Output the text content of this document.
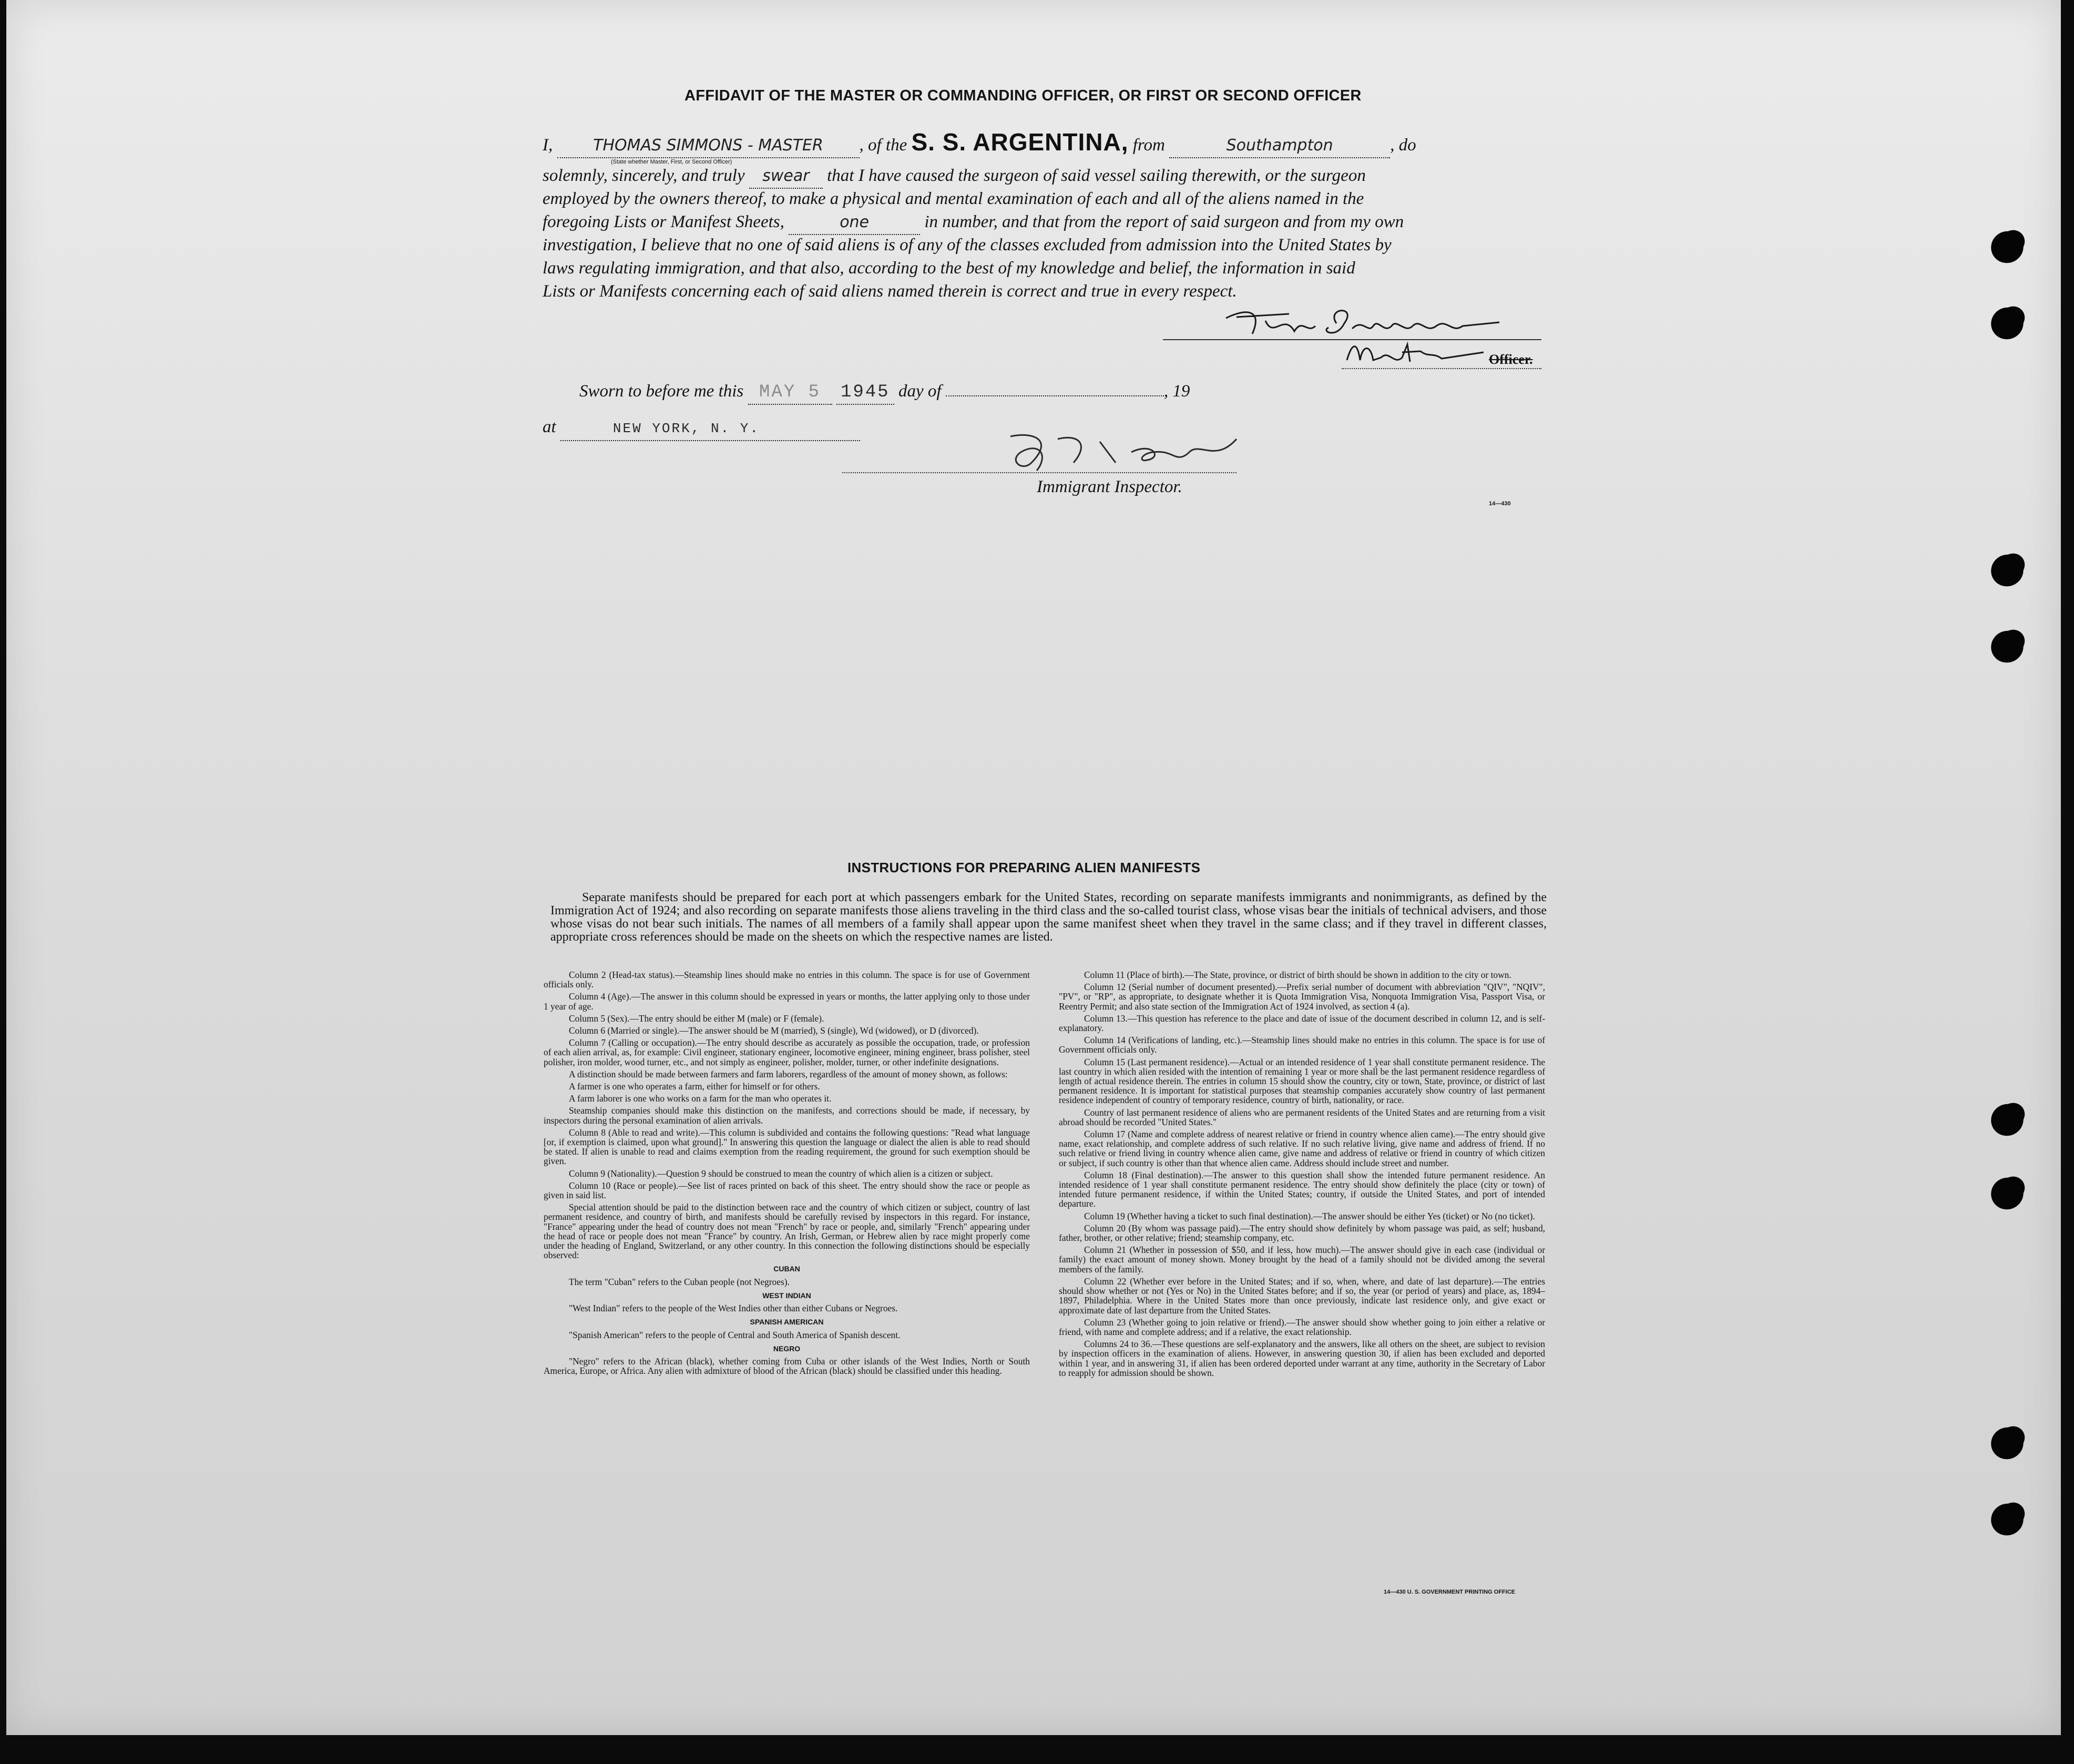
AFFIDAVIT OF THE MASTER OR COMMANDING OFFICER, OR FIRST OR SECOND OFFICER
I,	THOMAS SIMMONS - MASTER , of the S. S. ARGENTINA, from	Southampton	, do
(State whether Master, First, or Second Officer)
solemnly, sincerely, and truly swear that I have caused the surgeon of said vessel sailing therewith, or the surgeon
employed by the owners thereof, to make a physical and mental examination of each and all of the aliens named in the
foregoing Lists or Manifest Sheets,	one	in number, and that from the report of said surgeon and from my own
investigation, I believe that no one of said aliens is of any of the classes excluded from admission into the United States by
laws regulating immigration, and that also, according to the best of my knowledge and belief, the information in said
Lists or Manifests concerning each of said aliens named therein is correct and true in every respect.
Officer.
Sworn to before me this MAY 5 1945 day of	, 19
at	NEW YORK, N. Y.
Immigrant Inspector.
14—430
INSTRUCTIONS FOR PREPARING ALIEN MANIFESTS

Separate manifests should be prepared for each port at which passengers embark for the United States, recording on separate manifests immigrants and nonimmigrants, as defined by the Immigration Act of 1924; and also recording on separate manifests those aliens traveling in the third class and the so-called tourist class, whose visas bear the initials of technical advisers, and those whose visas do not bear such initials. The names of all members of a family shall appear upon the same manifest sheet when they travel in the same class; and if they travel in different classes, appropriate cross references should be made on the sheets on which the respective names are listed.

Column 2 (Head-tax status).—Steamship lines should make no entries in this column. The space is for use of Government officials only.

Column 4 (Age).—The answer in this column should be expressed in years or months, the latter applying only to those under 1 year of age.

Column 5 (Sex).—The entry should be either M (male) or F (female).

Column 6 (Married or single).—The answer should be M (married), S (single), Wd (widowed), or D (divorced).

Column 7 (Calling or occupation).—The entry should describe as accurately as possible the occupation, trade, or profession of each alien arrival, as, for example: Civil engineer, stationary engineer, locomotive engineer, mining engineer, brass polisher, steel polisher, iron molder, wood turner, etc., and not simply as engineer, polisher, molder, turner, or other indefinite designations.

A distinction should be made between farmers and farm laborers, regardless of the amount of money shown, as follows:

A farmer is one who operates a farm, either for himself or for others.

A farm laborer is one who works on a farm for the man who operates it.

Steamship companies should make this distinction on the manifests, and corrections should be made, if necessary, by inspectors during the personal examination of alien arrivals.

Column 8 (Able to read and write).—This column is subdivided and contains the following questions: "Read what language [or, if exemption is claimed, upon what ground]." In answering this question the language or dialect the alien is able to read should be stated. If alien is unable to read and claims exemption from the reading requirement, the ground for such exemption should be given.

Column 9 (Nationality).—Question 9 should be construed to mean the country of which alien is a citizen or subject.

Column 10 (Race or people).—See list of races printed on back of this sheet. The entry should show the race or people as given in said list.

Special attention should be paid to the distinction between race and the country of which citizen or subject, country of last permanent residence, and country of birth, and manifests should be carefully revised by inspectors in this regard. For instance, "France" appearing under the head of country does not mean "French" by race or people, and, similarly "French" appearing under the head of race or people does not mean "France" by country. An Irish, German, or Hebrew alien by race might properly come under the heading of England, Switzerland, or any other country. In this connection the following distinctions should be especially observed:

CUBAN

The term "Cuban" refers to the Cuban people (not Negroes).

WEST INDIAN

"West Indian" refers to the people of the West Indies other than either Cubans or Negroes.

SPANISH AMERICAN

"Spanish American" refers to the people of Central and South America of Spanish descent.

NEGRO

"Negro" refers to the African (black), whether coming from Cuba or other islands of the West Indies, North or South America, Europe, or Africa. Any alien with admixture of blood of the African (black) should be classified under this heading.

Column 11 (Place of birth).—The State, province, or district of birth should be shown in addition to the city or town.

Column 12 (Serial number of document presented).—Prefix serial number of document with abbreviation "QIV", "NQIV", "PV", or "RP", as appropriate, to designate whether it is Quota Immigration Visa, Nonquota Immigration Visa, Passport Visa, or Reentry Permit; and also state section of the Immigration Act of 1924 involved, as section 4 (a).

Column 13.—This question has reference to the place and date of issue of the document described in column 12, and is self-explanatory.

Column 14 (Verifications of landing, etc.).—Steamship lines should make no entries in this column. The space is for use of Government officials only.

Column 15 (Last permanent residence).—Actual or an intended residence of 1 year shall constitute permanent residence. The last country in which alien resided with the intention of remaining 1 year or more shall be the last permanent residence regardless of length of actual residence therein. The entries in column 15 should show the country, city or town, State, province, or district of last permanent residence. It is important for statistical purposes that steamship companies accurately show country of last permanent residence independent of country of temporary residence, country of birth, nationality, or race.

Country of last permanent residence of aliens who are permanent residents of the United States and are returning from a visit abroad should be recorded "United States."

Column 17 (Name and complete address of nearest relative or friend in country whence alien came).—The entry should give name, exact relationship, and complete address of such relative. If no such relative living, give name and address of friend. If no such relative or friend living in country whence alien came, give name and address of relative or friend in country of which citizen or subject, if such country is other than that whence alien came. Address should include street and number.

Column 18 (Final destination).—The answer to this question shall show the intended future permanent residence. An intended residence of 1 year shall constitute permanent residence. The entry should show definitely the place (city or town) of intended future permanent residence, if within the United States; country, if outside the United States, and port of intended departure.

Column 19 (Whether having a ticket to such final destination).—The answer should be either Yes (ticket) or No (no ticket).

Column 20 (By whom was passage paid).—The entry should show definitely by whom passage was paid, as self; husband, father, brother, or other relative; friend; steamship company, etc.

Column 21 (Whether in possession of $50, and if less, how much).—The answer should give in each case (individual or family) the exact amount of money shown. Money brought by the head of a family should not be divided among the several members of the family.

Column 22 (Whether ever before in the United States; and if so, when, where, and date of last departure).—The entries should show whether or not (Yes or No) in the United States before; and if so, the year (or period of years) and place, as, 1894–1897, Philadelphia. Where in the United States more than once previously, indicate last residence only, and give exact or approximate date of last departure from the United States.

Column 23 (Whether going to join relative or friend).—The answer should show whether going to join either a relative or friend, with name and complete address; and if a relative, the exact relationship.

Columns 24 to 36.—These questions are self-explanatory and the answers, like all others on the sheet, are subject to revision by inspection officers in the examination of aliens. However, in answering question 30, if alien has been excluded and deported within 1 year, and in answering 31, if alien has been ordered deported under warrant at any time, authority in the Secretary of Labor to reapply for admission should be shown.

14—430 U. S. GOVERNMENT PRINTING OFFICE
